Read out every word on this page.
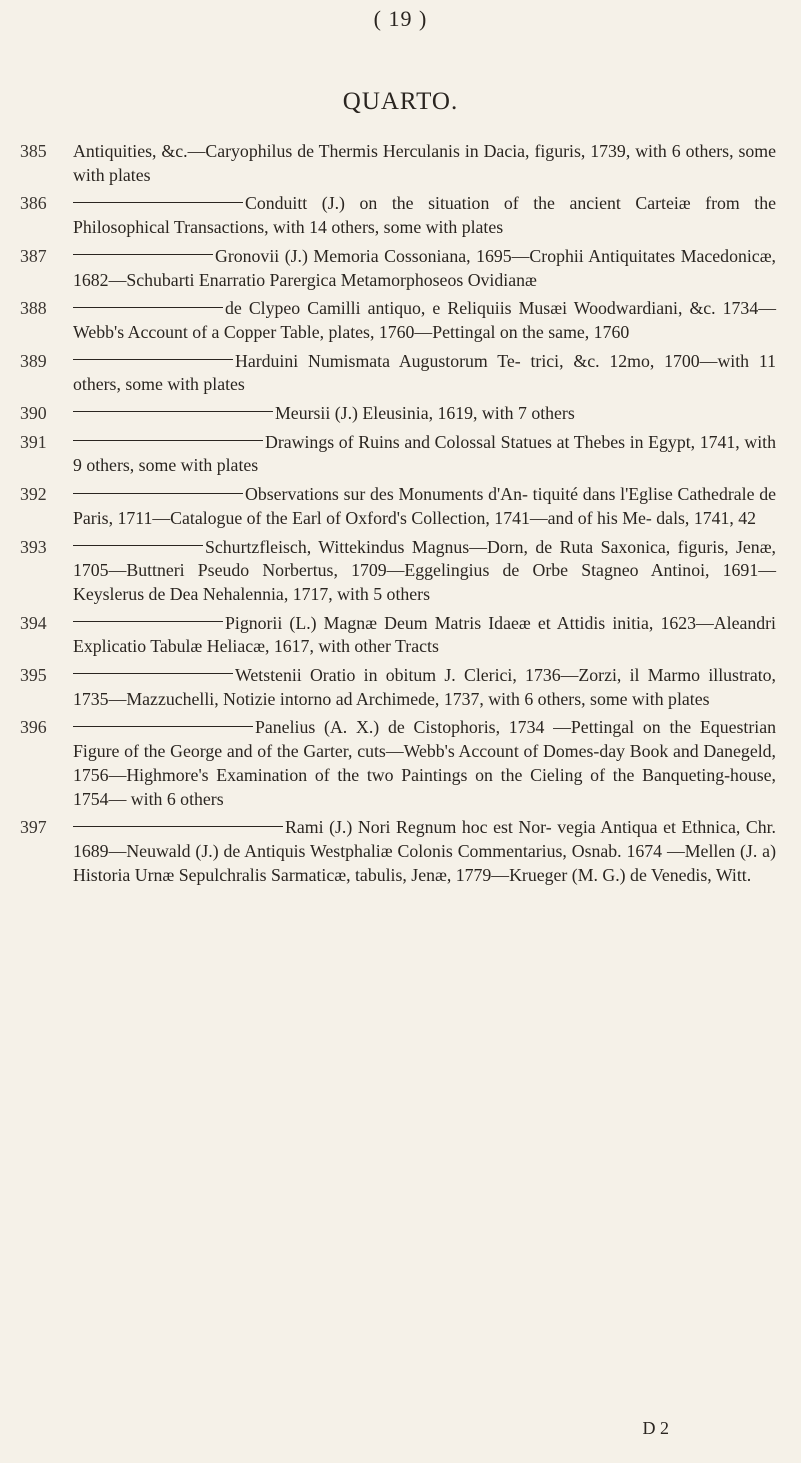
( 19 )
QUARTO.
385	Antiquities, &c.—Caryophilus de Thermis Herculanis in Dacia, figuris, 1739, with 6 others, some with plates
386	Conduitt (J.) on the situation of the ancient Carteiæ from the Philosophical Transactions, with 14 others, some with plates
387	Gronovii (J.) Memoria Cossoniana, 1695—Crophii Antiquitates Macedonicæ, 1682—Schubarti Enarratio Parergica Metamorphoseos Ovidianæ
388	de Clypeo Camilli antiquo, e Reliquiis Musæi Woodwardiani, &c. 1734—Webb's Account of a Copper Table, plates, 1760—Pettingal on the same, 1760
389	Harduini Numismata Augustorum Te- trici, &c. 12mo, 1700—with 11 others, some with plates
390	Meursii (J.) Eleusinia, 1619, with 7 others
391	Drawings of Ruins and Colossal Statues at Thebes in Egypt, 1741, with 9 others, some with plates
392	Observations sur des Monuments d'An- tiquité dans l'Eglise Cathedrale de Paris, 1711—Catalogue of the Earl of Oxford's Collection, 1741—and of his Me- dals, 1741, 42
393	Schurtzfleisch, Wittekindus Magnus—Dorn, de Ruta Saxonica, figuris, Jenæ, 1705—Buttneri Pseudo Norbertus, 1709—Eggelingius de Orbe Stagneo Antinoi, 1691—Keyslerus de Dea Nehalennia, 1717, with 5 others
394	Pignorii (L.) Magnæ Deum Matris Idaeæ et Attidis initia, 1623—Aleandri Explicatio Tabulæ Heliacæ, 1617, with other Tracts
395	Wetstenii Oratio in obitum J. Clerici, 1736—Zorzi, il Marmo illustrato, 1735—Mazzuchelli, Notizie intorno ad Archimede, 1737, with 6 others, some with plates
396	Panelius (A. X.) de Cistophoris, 1734 —Pettingal on the Equestrian Figure of the George and of the Garter, cuts—Webb's Account of Domes-day Book and Danegeld, 1756—Highmore's Examination of the two Paintings on the Cieling of the Banqueting-house, 1754— with 6 others
397	Rami (J.) Nori Regnum hoc est Nor- vegia Antiqua et Ethnica, Chr. 1689—Neuwald (J.) de Antiquis Westphaliæ Colonis Commentarius, Osnab. 1674 —Mellen (J. a) Historia Urnæ Sepulchralis Sarmaticæ, tabulis, Jenæ, 1779—Krueger (M. G.) de Venedis, Witt.
D 2
